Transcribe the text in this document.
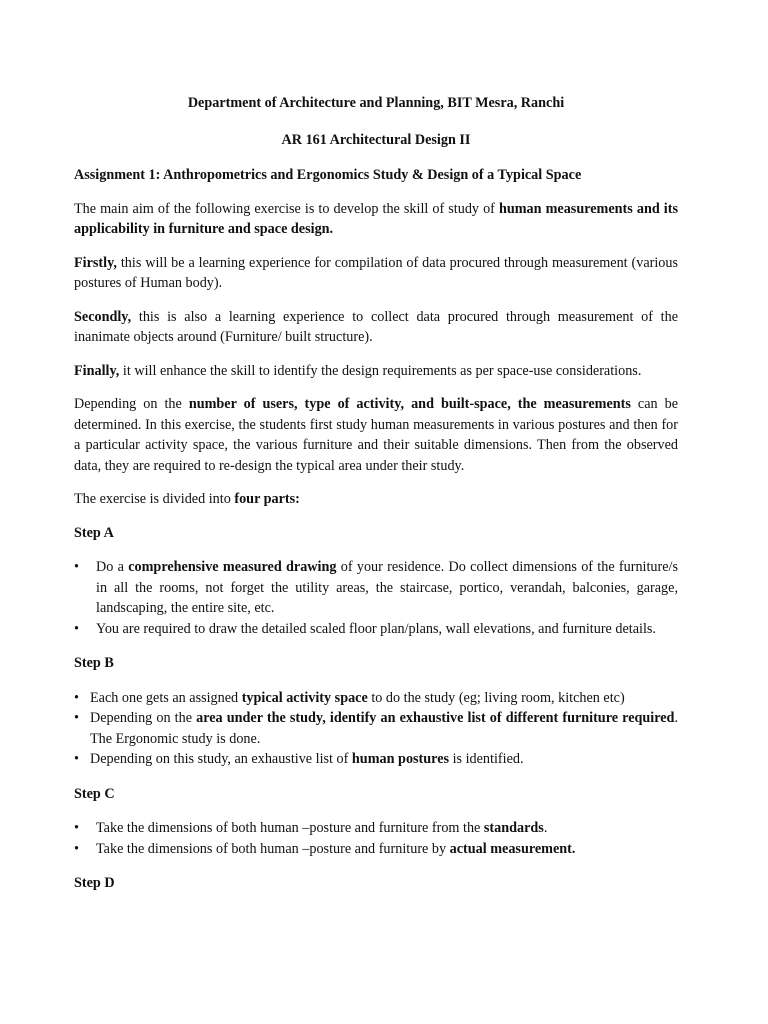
Department of Architecture and Planning, BIT Mesra, Ranchi
AR 161 Architectural Design II
Assignment 1: Anthropometrics and Ergonomics Study & Design of a Typical Space

The main aim of the following exercise is to develop the skill of study of human measurements and its applicability in furniture and space design.

Firstly, this will be a learning experience for compilation of data procured through measurement (various postures of Human body).

Secondly, this is also a learning experience to collect data procured through measurement of the inanimate objects around (Furniture/ built structure).

Finally, it will enhance the skill to identify the design requirements as per space-use considerations.

Depending on the number of users, type of activity, and built-space, the measurements can be determined. In this exercise, the students first study human measurements in various postures and then for a particular activity space, the various furniture and their suitable dimensions. Then from the observed data, they are required to re-design the typical area under their study.

The exercise is divided into four parts:

Step A
• Do a comprehensive measured drawing of your residence. Do collect dimensions of the furniture/s in all the rooms, not forget the utility areas, the staircase, portico, verandah, balconies, garage, landscaping, the entire site, etc.
• You are required to draw the detailed scaled floor plan/plans, wall elevations, and furniture details.
Step B
• Each one gets an assigned typical activity space to do the study (eg; living room, kitchen etc)
• Depending on the area under the study, identify an exhaustive list of different furniture required. The Ergonomic study is done.
• Depending on this study, an exhaustive list of human postures is identified.
Step C
• Take the dimensions of both human –posture and furniture from the standards.
• Take the dimensions of both human –posture and furniture by actual measurement.
Step D
